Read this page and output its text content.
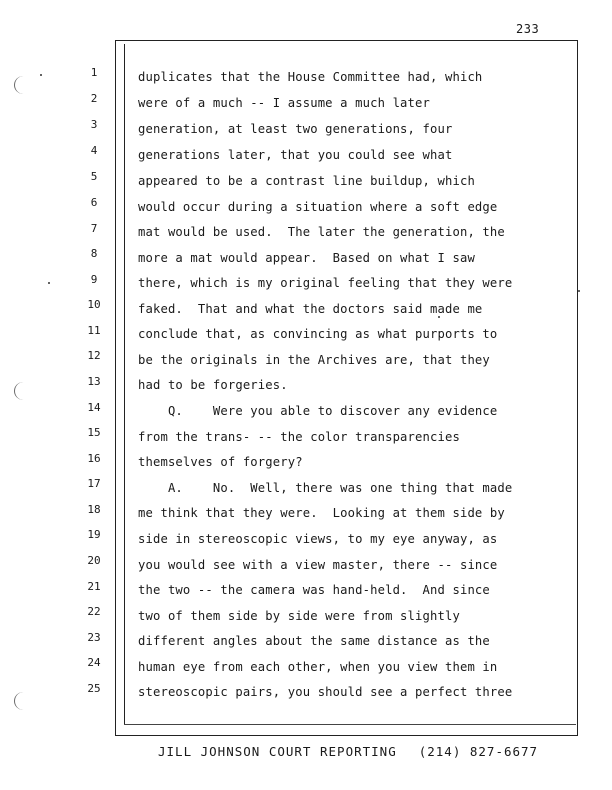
233
1	duplicates that the House Committee had, which
2	were of a much -- I assume a much later
3	generation, at least two generations, four
4	generations later, that you could see what
5	appeared to be a contrast line buildup, which
6	would occur during a situation where a soft edge
7	mat would be used.  The later the generation, the
8	more a mat would appear.  Based on what I saw
9	there, which is my original feeling that they were
10	faked.  That and what the doctors said made me
11	conclude that, as convincing as what purports to
12	be the originals in the Archives are, that they
13	had to be forgeries.
14	Q.    Were you able to discover any evidence
15	from the trans- -- the color transparencies
16	themselves of forgery?
17	A.    No.  Well, there was one thing that made
18	me think that they were.  Looking at them side by
19	side in stereoscopic views, to my eye anyway, as
20	you would see with a view master, there -- since
21	the two -- the camera was hand-held.  And since
22	two of them side by side were from slightly
23	different angles about the same distance as the
24	human eye from each other, when you view them in
25	stereoscopic pairs, you should see a perfect three
JILL JOHNSON COURT REPORTING (214) 827-6677
